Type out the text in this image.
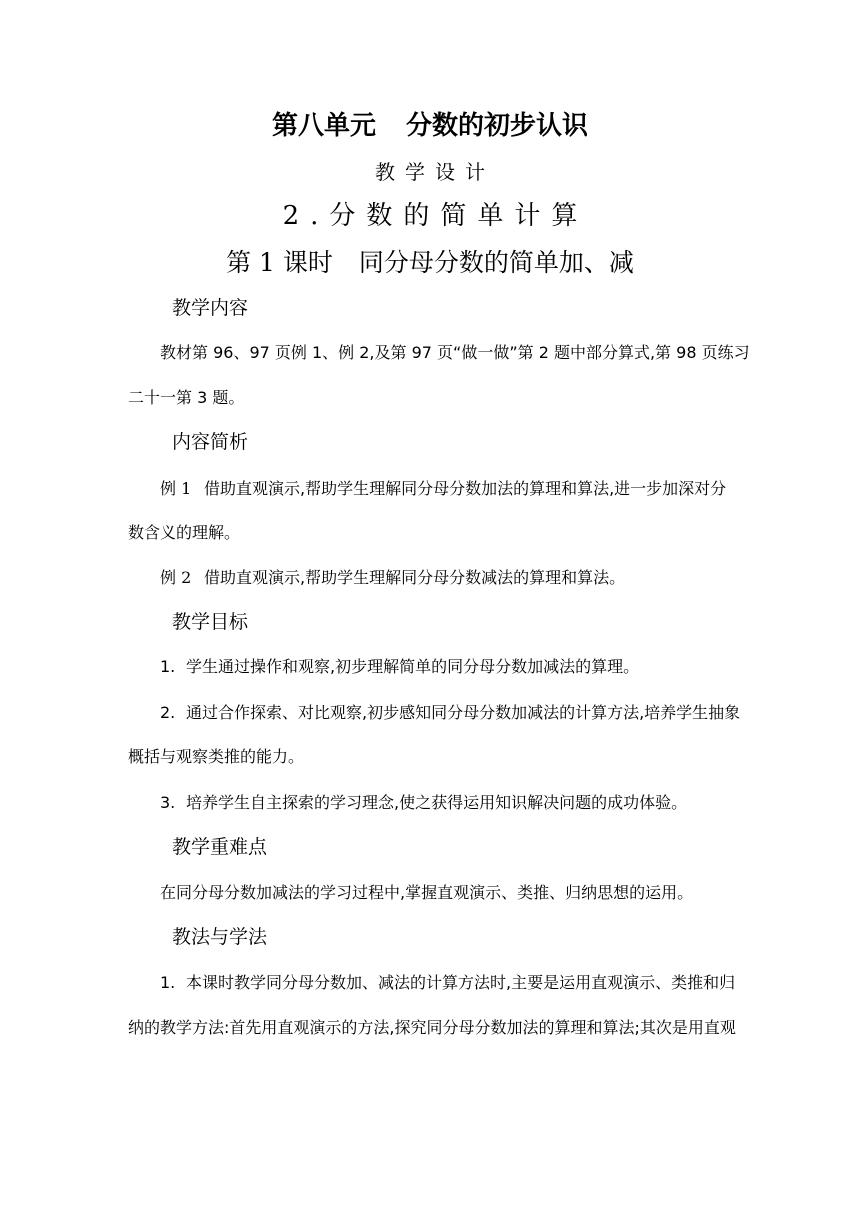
第八单元 分数的初步认识
教学设计
2.分数的简单计算
第 1 课时 同分母分数的简单加、减
教学内容
教材第 96、97 页例 1、例 2,及第 97 页“做一做”第 2 题中部分算式,第 98 页练习
二十一第 3 题。
内容简析
例 1 借助直观演示,帮助学生理解同分母分数加法的算理和算法,进一步加深对分
数含义的理解。
例 2 借助直观演示,帮助学生理解同分母分数减法的算理和算法。
教学目标
1. 学生通过操作和观察,初步理解简单的同分母分数加减法的算理。
2. 通过合作探索、对比观察,初步感知同分母分数加减法的计算方法,培养学生抽象
概括与观察类推的能力。
3. 培养学生自主探索的学习理念,使之获得运用知识解决问题的成功体验。
教学重难点
在同分母分数加减法的学习过程中,掌握直观演示、类推、归纳思想的运用。
教法与学法
1. 本课时教学同分母分数加、减法的计算方法时,主要是运用直观演示、类推和归
纳的教学方法:首先用直观演示的方法,探究同分母分数加法的算理和算法;其次是用直观
